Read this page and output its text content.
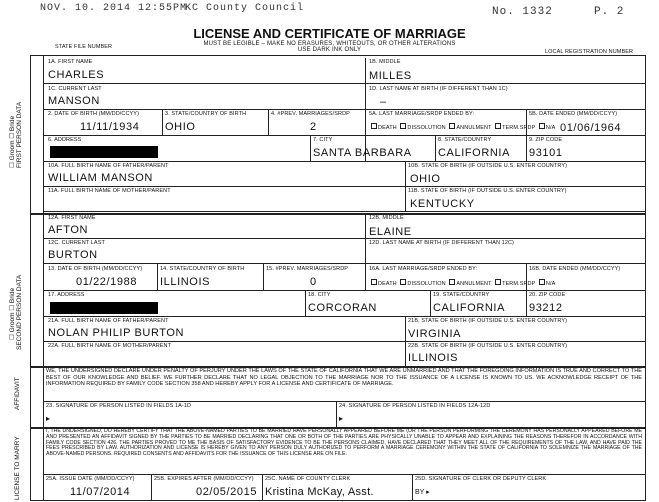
NOV. 10. 2014 12:55PM
KC County Council	No. 1332	P. 2
LICENSE AND CERTIFICATE OF MARRIAGE
MUST BE LEGIBLE – MAKE NO ERASURES, WHITEOUTS, OR OTHER ALTERATIONS
USE DARK INK ONLY
STATE FILE NUMBER
LOCAL REGISTRATION NUMBER
☐ Groom ☐ Bride FIRST PERSON DATA
☐ Groom ☐ Bride SECOND PERSON DATA
AFFIDAVIT
LICENSE TO MARRY
1A. FIRST NAME
CHARLES
1B. MIDDLE
MILLES
1C. CURRENT LAST
MANSON
1D. LAST NAME AT BIRTH (IF DIFFERENT THAN 1C)
–
2. DATE OF BIRTH (MM/DD/CCYY)
11/11/1934
3. STATE/COUNTRY OF BIRTH
OHIO
4. #PREV. MARRIAGES/SRDP
2
5A. LAST MARRIAGE/SRDP ENDED BY:
DEATH DISSOLUTION ANNULMENT TERM.SRDP N/A
5B. DATE ENDED (MM/DD/CCYY)
01/06/1964
6. ADDRESS	7. CITY
SANTA BARBARA
8. STATE/COUNTRY
CALIFORNIA
9. ZIP CODE
93101
10A. FULL BIRTH NAME OF FATHER/PARENT
WILLIAM MANSON
10B. STATE OF BIRTH (IF OUTSIDE U.S. ENTER COUNTRY)
OHIO
11A. FULL BIRTH NAME OF MOTHER/PARENT	11B. STATE OF BIRTH (IF OUTSIDE U.S. ENTER COUNTRY)
KENTUCKY
12A. FIRST NAME
AFTON
12B. MIDDLE
ELAINE
12C. CURRENT LAST
BURTON
12D. LAST NAME AT BIRTH (IF DIFFERENT THAN 12C)
13. DATE OF BIRTH (MM/DD/CCYY)
01/22/1988
14. STATE/COUNTRY OF BIRTH
ILLINOIS
15. #PREV. MARRIAGES/SRDP
0
16A. LAST MARRIAGE/SRDP ENDED BY:
DEATH DISSOLUTION ANNULMENT TERM.SRDP N/A
16B. DATE ENDED (MM/DD/CCYY)
17. ADDRESS	18. CITY
CORCORAN
19. STATE/COUNTRY
CALIFORNIA
20. ZIP CODE
93212
21A. FULL BIRTH NAME OF FATHER/PARENT
NOLAN PHILIP BURTON
21B. STATE OF BIRTH (IF OUTSIDE U.S. ENTER COUNTRY)
VIRGINIA
22A. FULL BIRTH NAME OF MOTHER/PARENT	22B. STATE OF BIRTH (IF OUTSIDE U.S. ENTER COUNTRY)
ILLINOIS
WE, THE UNDERSIGNED DECLARE UNDER PENALTY OF PERJURY UNDER THE LAWS OF THE STATE OF CALIFORNIA THAT WE ARE UNMARRIED AND THAT THE FOREGOING INFORMATION IS TRUE AND CORRECT TO THE BEST OF OUR KNOWLEDGE AND BELIEF. WE FURTHER DECLARE THAT NO LEGAL OBJECTION TO THE MARRIAGE NOR TO THE ISSUANCE OF A LICENSE IS KNOWN TO US. WE ACKNOWLEDGE RECEIPT OF THE INFORMATION REQUIRED BY FAMILY CODE SECTION 358 AND HEREBY APPLY FOR A LICENSE AND CERTIFICATE OF MARRIAGE.
23. SIGNATURE OF PERSON LISTED IN FIELDS 1A-1D
▸
24. SIGNATURE OF PERSON LISTED IN FIELDS 12A-12D
▸
I, THE UNDERSIGNED, DO HEREBY CERTIFY THAT THE ABOVE-NAMED PARTIES TO BE MARRIED HAVE PERSONALLY APPEARED BEFORE ME (OR THE PERSON PERFORMING THE CEREMONY HAS PERSONALLY APPEARED BEFORE ME AND PRESENTED AN AFFIDAVIT SIGNED BY THE PARTIES TO BE MARRIED DECLARING THAT ONE OR BOTH OF THE PARTIES ARE PHYSICALLY UNABLE TO APPEAR AND EXPLAINING THE REASONS THEREFOR IN ACCORDANCE WITH FAMILY CODE SECTION 426. THE PARTIES PROVED TO ME THE BASIS OF SATISFACTORY EVIDENCE TO BE THE PERSONS CLAIMED, HAVE DECLARED THAT THEY MEET ALL OF THE REQUIREMENTS OF THE LAW, AND HAVE PAID THE FEES PRESCRIBED BY LAW. AUTHORIZATION AND LICENSE IS HEREBY GIVEN TO ANY PERSON DULY AUTHORIZED TO PERFORM A MARRIAGE CEREMONY WITHIN THE STATE OF CALIFORNIA TO SOLEMNIZE THE MARRIAGE OF THE ABOVE-NAMED PERSONS. REQUIRED CONSENTS AND AFFIDAVITS FOR THE ISSUANCE OF THIS LICENSE ARE ON FILE.
25A. ISSUE DATE (MM/DD/CCYY)
11/07/2014
25B. EXPIRES AFTER (MM/DD/CCYY)
02/05/2015
25C. NAME OF COUNTY CLERK
Kristina McKay, Asst.
25D. SIGNATURE OF CLERK OR DEPUTY CLERK
BY ▸
